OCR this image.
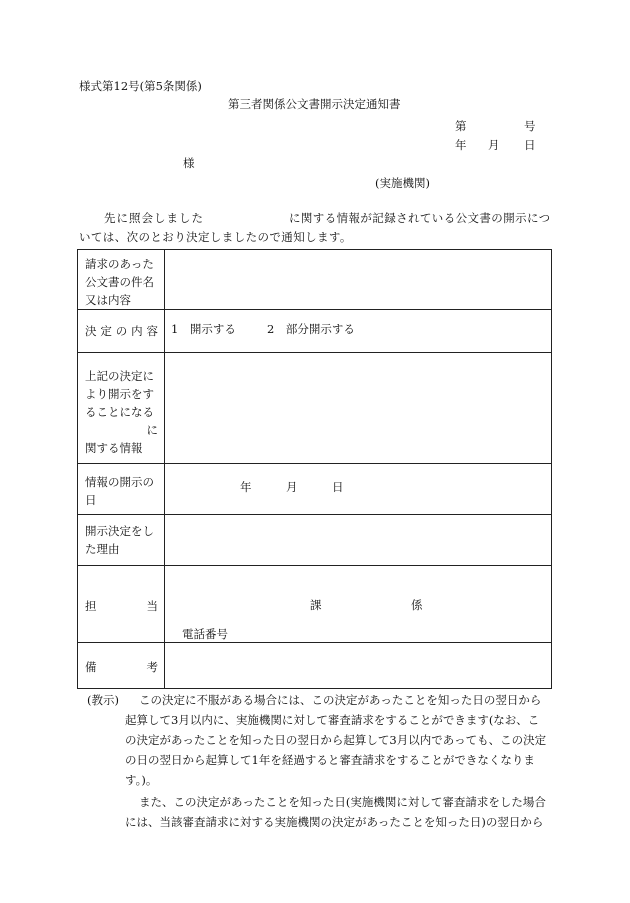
様式第12号(第5条関係)
第三者関係公文書開示決定通知書
第	号
年 月 日
様
(実施機関)
先に照会しました	に関する情報が記録されている公文書の開示につ
いては、次のとおり決定しましたので通知します。
請求のあった公文書の件名又は内容	

決 定 の 内 容	1　開示する 2　部分開示する

上記の決定に
より開示をす
ることになる
に
関する情報	

情報の開示の日	年 月 日

開示決定をした理由	

担 当	課 係
電話番号

備 考	

(教示) この決定に不服がある場合には、この決定があったことを知った日の翌日から
起算して3月以内に、実施機関に対して審査請求をすることができます(なお、こ
の決定があったことを知った日の翌日から起算して3月以内であっても、この決定
の日の翌日から起算して1年を経過すると審査請求をすることができなくなりま
す。)。
また、この決定があったことを知った日(実施機関に対して審査請求をした場合
には、当該審査請求に対する実施機関の決定があったことを知った日)の翌日から
